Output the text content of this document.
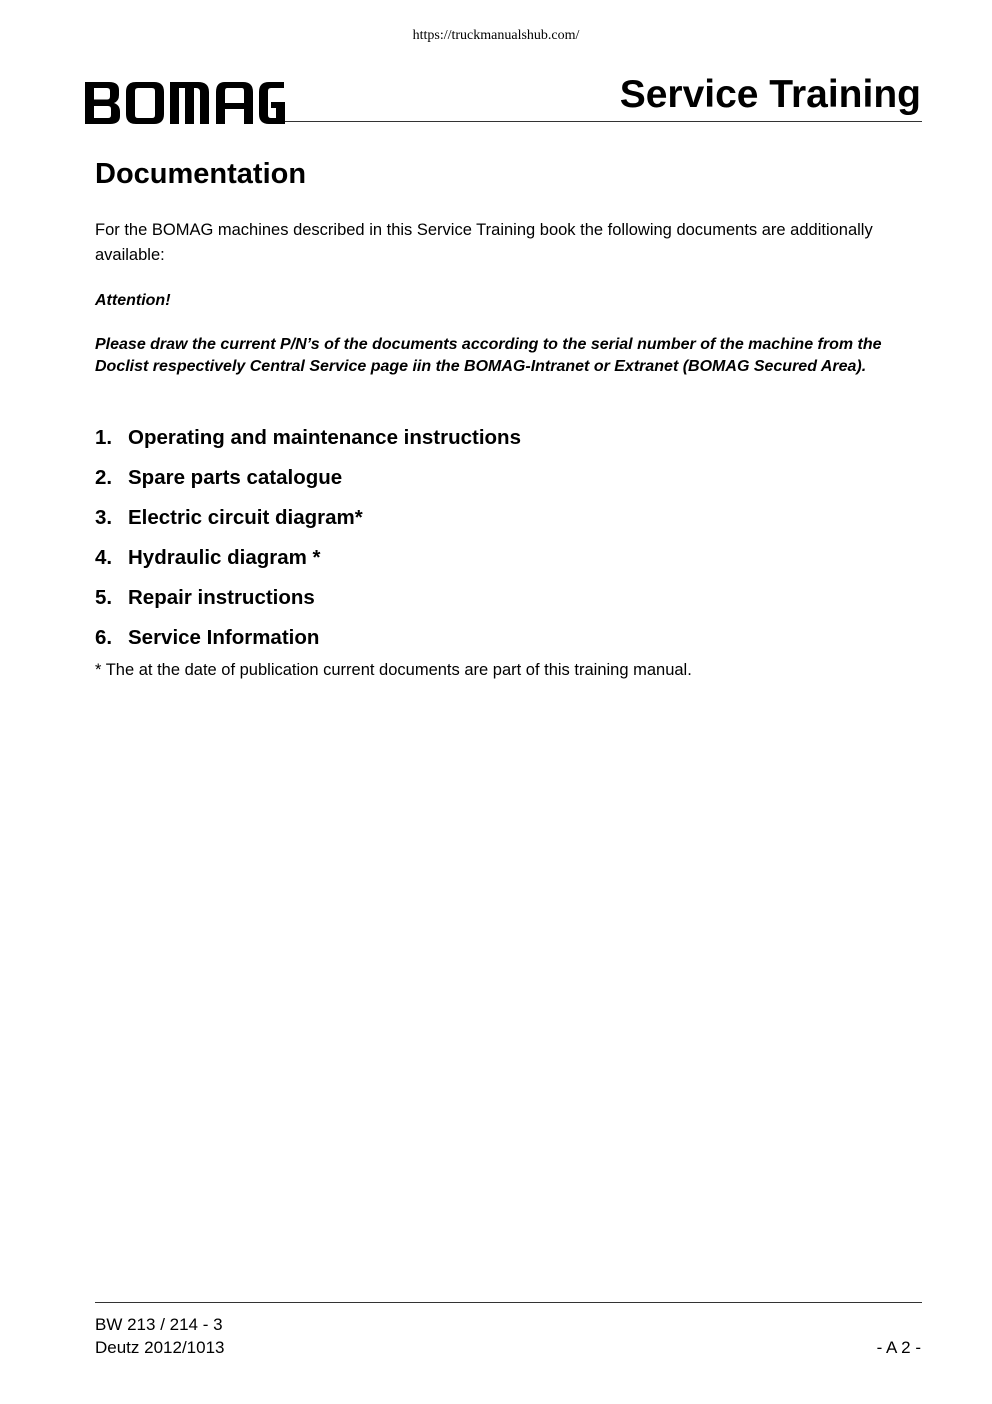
https://truckmanualshub.com/
Service Training
Documentation

For the BOMAG machines described in this Service Training book the following documents are additionally available:

Attention!

Please draw the current P/N’s of the documents according to the serial number of the machine from the Doclist respectively Central Service page iin the BOMAG-Intranet or Extranet (BOMAG Secured Area).

1. Operating and maintenance instructions
2. Spare parts catalogue
3. Electric circuit diagram*
4. Hydraulic diagram *
5. Repair instructions
6. Service Information

* The at the date of publication current documents are part of this training manual.

BW 213 / 214 - 3
Deutz 2012/1013	- A 2 -
